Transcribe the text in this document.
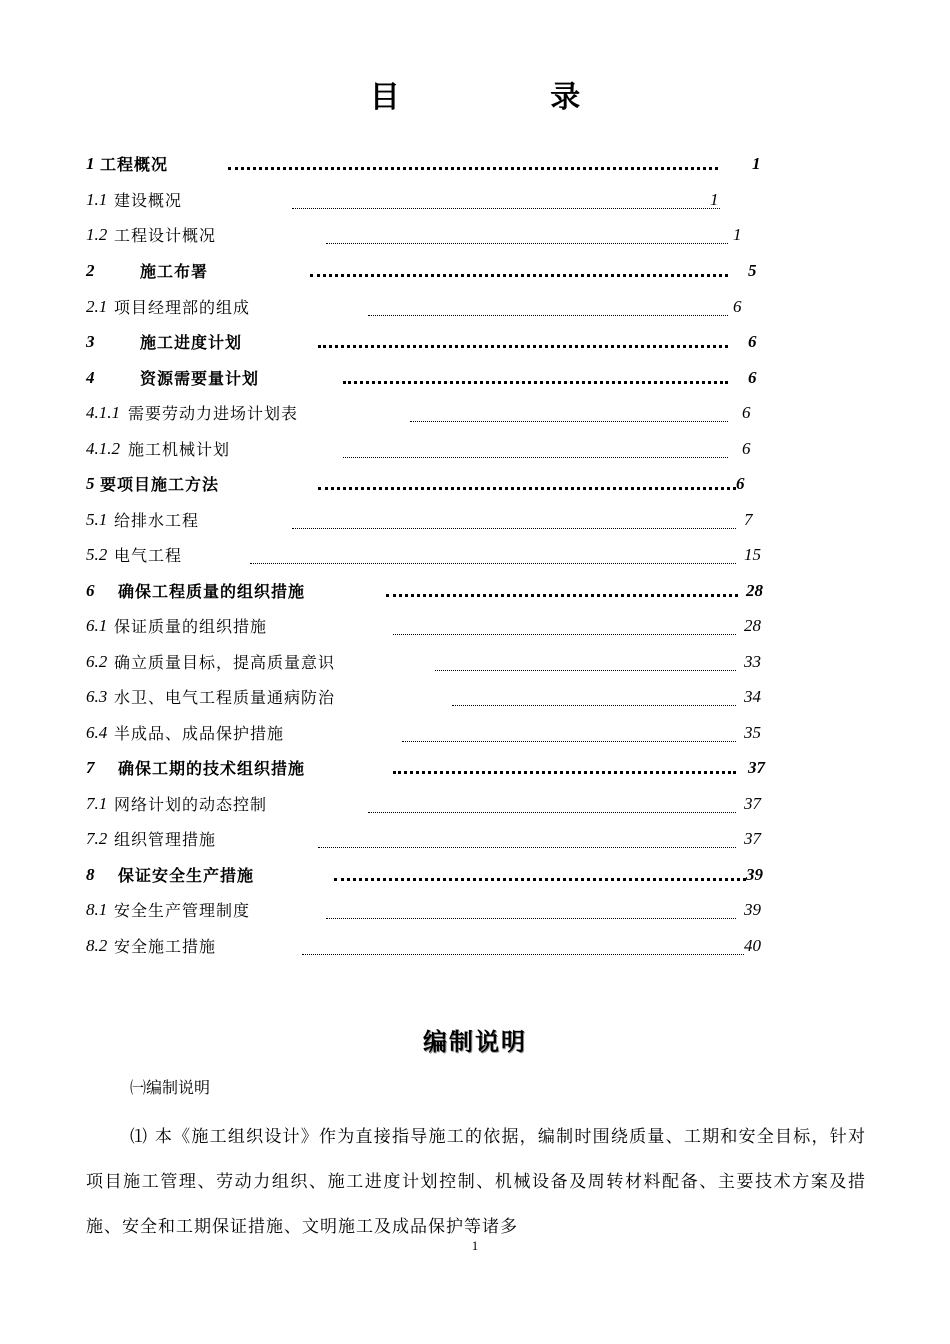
目 录
1 工程概况	1
1.1 建设概况	1
1.2 工程设计概况	1
2	施工布署	5
2.1 项目经理部的组成	6
3	施工进度计划	6
4	资源需要量计划	6
4.1.1 需要劳动力进场计划表	6
4.1.2 施工机械计划	6
5 要项目施工方法	6
5.1 给排水工程	7
5.2 电气工程	15
6 确保工程质量的组织措施	28
6.1 保证质量的组织措施	28
6.2 确立质量目标，提高质量意识	33
6.3 水卫、电气工程质量通病防治	34
6.4 半成品、成品保护措施	35
7 确保工期的技术组织措施	37
7.1 网络计划的动态控制	37
7.2 组织管理措施	37
8 保证安全生产措施	39
8.1 安全生产管理制度	39
8.2 安全施工措施	40
编制说明
㈠编制说明
⑴ 本《施工组织设计》作为直接指导施工的依据，编制时围绕质量、工期和安全目标，针对项目施工管理、劳动力组织、施工进度计划控制、机械设备及周转材料配备、主要技术方案及措施、安全和工期保证措施、文明施工及成品保护等诸多
1
